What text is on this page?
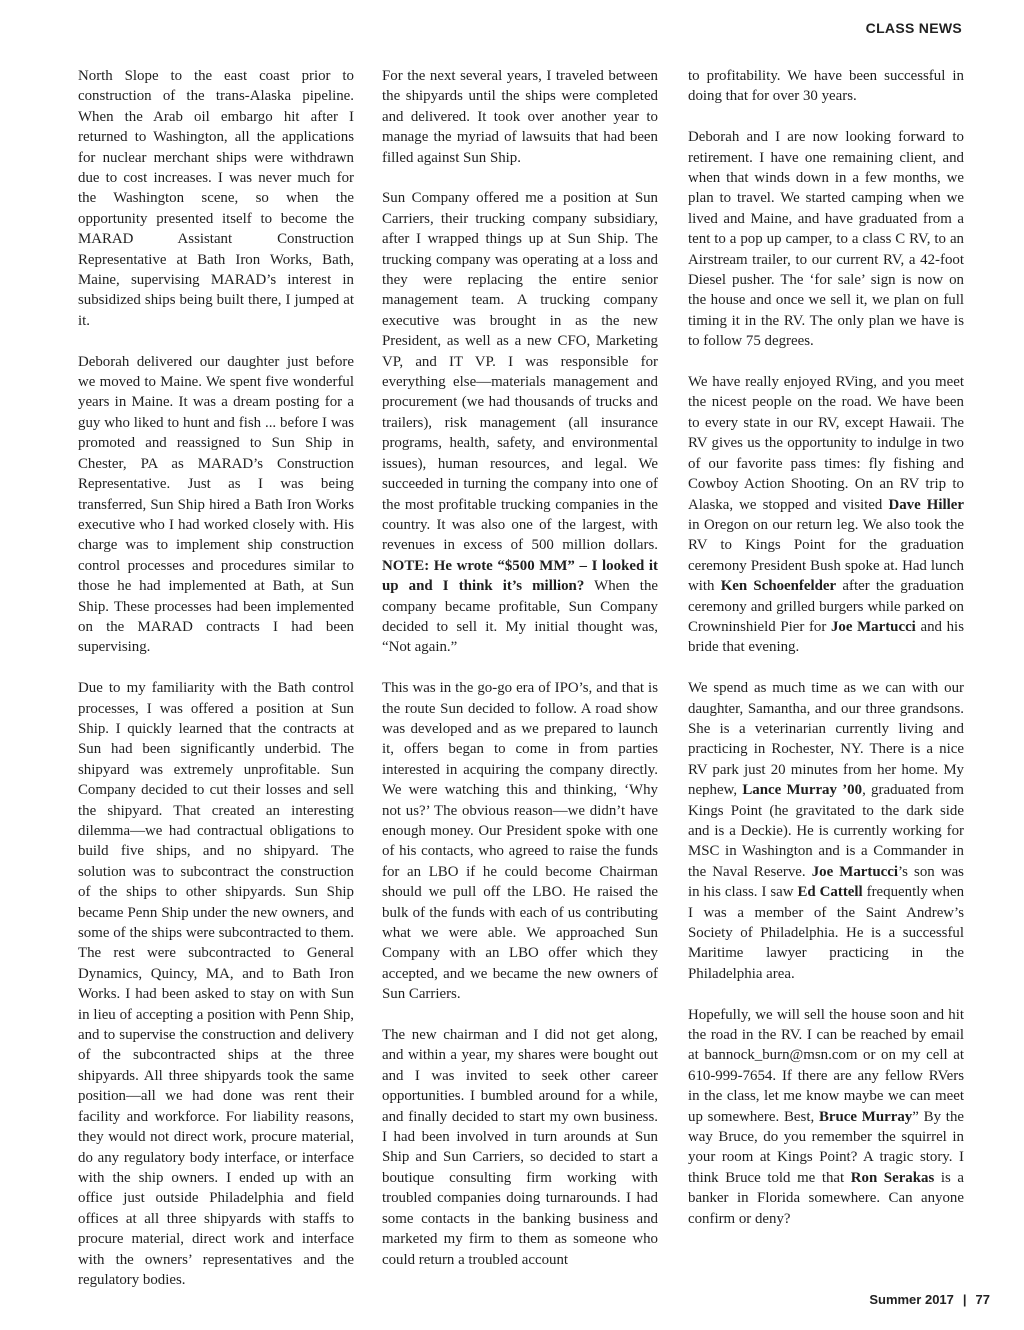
CLASS NEWS

North Slope to the east coast prior to construction of the trans-Alaska pipeline. When the Arab oil embargo hit after I returned to Washington, all the applications for nuclear merchant ships were withdrawn due to cost increases. I was never much for the Washington scene, so when the opportunity presented itself to become the MARAD Assistant Construction Representative at Bath Iron Works, Bath, Maine, supervising MARAD’s interest in subsidized ships being built there, I jumped at it.

Deborah delivered our daughter just before we moved to Maine. We spent five wonderful years in Maine. It was a dream posting for a guy who liked to hunt and fish ... before I was promoted and reassigned to Sun Ship in Chester, PA as MARAD’s Construction Representative. Just as I was being transferred, Sun Ship hired a Bath Iron Works executive who I had worked closely with. His charge was to implement ship construction control processes and procedures similar to those he had implemented at Bath, at Sun Ship. These processes had been implemented on the MARAD contracts I had been supervising.

Due to my familiarity with the Bath control processes, I was offered a position at Sun Ship. I quickly learned that the contracts at Sun had been significantly underbid. The shipyard was extremely unprofitable. Sun Company decided to cut their losses and sell the shipyard. That created an interesting dilemma—we had contractual obligations to build five ships, and no shipyard. The solution was to subcontract the construction of the ships to other shipyards. Sun Ship became Penn Ship under the new owners, and some of the ships were subcontracted to them. The rest were subcontracted to General Dynamics, Quincy, MA, and to Bath Iron Works. I had been asked to stay on with Sun in lieu of accepting a position with Penn Ship, and to supervise the construction and delivery of the subcontracted ships at the three shipyards. All three shipyards took the same position—all we had done was rent their facility and workforce. For liability reasons, they would not direct work, procure material, do any regulatory body interface, or interface with the ship owners. I ended up with an office just outside Philadelphia and field offices at all three shipyards with staffs to procure material, direct work and interface with the owners’ representatives and the regulatory bodies.

For the next several years, I traveled between the shipyards until the ships were completed and delivered. It took over another year to manage the myriad of lawsuits that had been filled against Sun Ship.

Sun Company offered me a position at Sun Carriers, their trucking company subsidiary, after I wrapped things up at Sun Ship. The trucking company was operating at a loss and they were replacing the entire senior management team. A trucking company executive was brought in as the new President, as well as a new CFO, Marketing VP, and IT VP. I was responsible for everything else—materials management and procurement (we had thousands of trucks and trailers), risk management (all insurance programs, health, safety, and environmental issues), human resources, and legal. We succeeded in turning the company into one of the most profitable trucking companies in the country. It was also one of the largest, with revenues in excess of 500 million dollars. NOTE: He wrote “$500 MM” – I looked it up and I think it’s million? When the company became profitable, Sun Company decided to sell it. My initial thought was, “Not again.”

This was in the go-go era of IPO’s, and that is the route Sun decided to follow. A road show was developed and as we prepared to launch it, offers began to come in from parties interested in acquiring the company directly. We were watching this and thinking, ‘Why not us?’ The obvious reason—we didn’t have enough money. Our President spoke with one of his contacts, who agreed to raise the funds for an LBO if he could become Chairman should we pull off the LBO. He raised the bulk of the funds with each of us contributing what we were able. We approached Sun Company with an LBO offer which they accepted, and we became the new owners of Sun Carriers.

The new chairman and I did not get along, and within a year, my shares were bought out and I was invited to seek other career opportunities. I bumbled around for a while, and finally decided to start my own business. I had been involved in turn arounds at Sun Ship and Sun Carriers, so decided to start a boutique consulting firm working with troubled companies doing turnarounds. I had some contacts in the banking business and marketed my firm to them as someone who could return a troubled account

to profitability. We have been successful in doing that for over 30 years.

Deborah and I are now looking forward to retirement. I have one remaining client, and when that winds down in a few months, we plan to travel. We started camping when we lived and Maine, and have graduated from a tent to a pop up camper, to a class C RV, to an Airstream trailer, to our current RV, a 42-foot Diesel pusher. The ‘for sale’ sign is now on the house and once we sell it, we plan on full timing it in the RV. The only plan we have is to follow 75 degrees.

We have really enjoyed RVing, and you meet the nicest people on the road. We have been to every state in our RV, except Hawaii. The RV gives us the opportunity to indulge in two of our favorite pass times: fly fishing and Cowboy Action Shooting. On an RV trip to Alaska, we stopped and visited Dave Hiller in Oregon on our return leg. We also took the RV to Kings Point for the graduation ceremony President Bush spoke at. Had lunch with Ken Schoenfelder after the graduation ceremony and grilled burgers while parked on Crowninshield Pier for Joe Martucci and his bride that evening.

We spend as much time as we can with our daughter, Samantha, and our three grandsons. She is a veterinarian currently living and practicing in Rochester, NY. There is a nice RV park just 20 minutes from her home. My nephew, Lance Murray ’00, graduated from Kings Point (he gravitated to the dark side and is a Deckie). He is currently working for MSC in Washington and is a Commander in the Naval Reserve. Joe Martucci’s son was in his class. I saw Ed Cattell frequently when I was a member of the Saint Andrew’s Society of Philadelphia. He is a successful Maritime lawyer practicing in the Philadelphia area.

Hopefully, we will sell the house soon and hit the road in the RV. I can be reached by email at bannock_burn@msn.com or on my cell at 610-999-7654. If there are any fellow RVers in the class, let me know maybe we can meet up somewhere. Best, Bruce Murray” By the way Bruce, do you remember the squirrel in your room at Kings Point? A tragic story. I think Bruce told me that Ron Serakas is a banker in Florida somewhere. Can anyone confirm or deny?

Summer 2017 | 77
